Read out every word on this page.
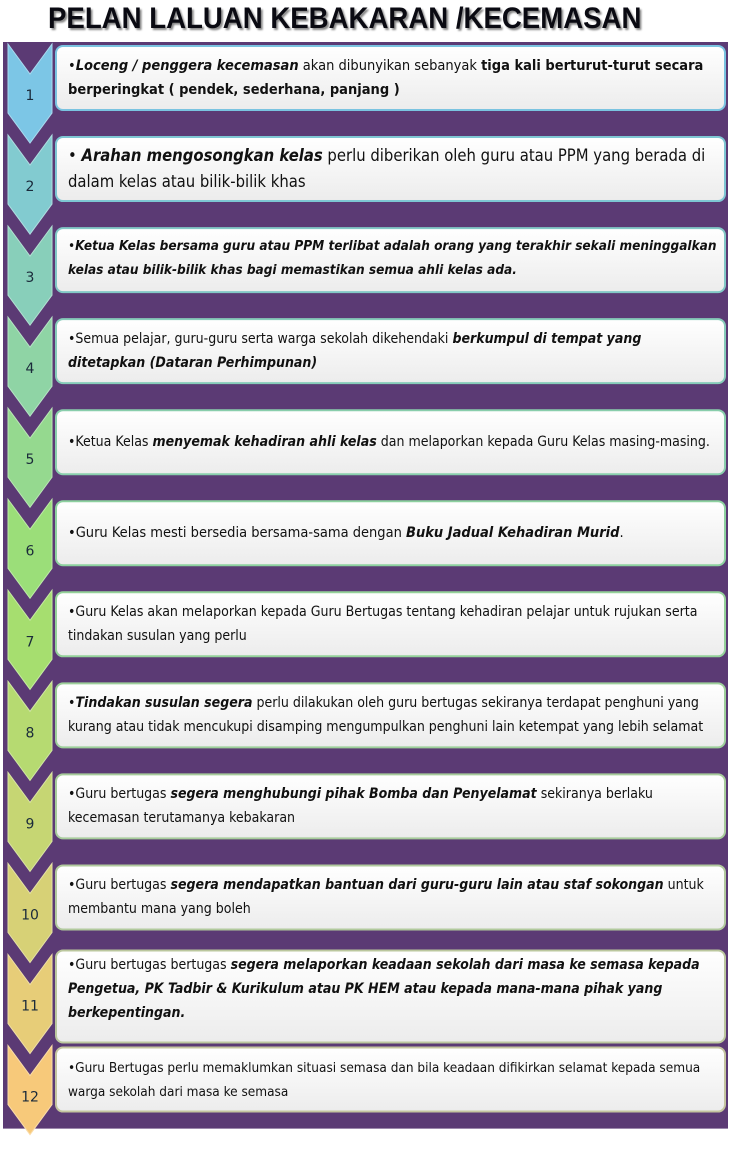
PELAN LALUAN KEBAKARAN /KECEMASAN
1
2
3
4
5
6
7
8
9
10
11
12

•Loceng / penggera kecemasan akan dibunyikan sebanyak tiga kali berturut-turut secara berperingkat ( pendek, sederhana, panjang )

• Arahan mengosongkan kelas perlu diberikan oleh guru atau PPM yang berada di dalam kelas atau bilik-bilik khas

•Ketua Kelas bersama guru atau PPM terlibat adalah orang yang terakhir sekali meninggalkan kelas atau bilik-bilik khas bagi memastikan semua ahli kelas ada.

•Semua pelajar, guru-guru serta warga sekolah dikehendaki berkumpul di tempat yang ditetapkan (Dataran Perhimpunan)

•Ketua Kelas menyemak kehadiran ahli kelas dan melaporkan kepada Guru Kelas masing-masing.

•Guru Kelas mesti bersedia bersama-sama dengan Buku Jadual Kehadiran Murid.

•Guru Kelas akan melaporkan kepada Guru Bertugas tentang kehadiran pelajar untuk rujukan serta tindakan susulan yang perlu

•Tindakan susulan segera perlu dilakukan oleh guru bertugas sekiranya terdapat penghuni yang kurang atau tidak mencukupi disamping mengumpulkan penghuni lain ketempat yang lebih selamat

•Guru bertugas segera menghubungi pihak Bomba dan Penyelamat sekiranya berlaku kecemasan terutamanya kebakaran

•Guru bertugas segera mendapatkan bantuan dari guru-guru lain atau staf sokongan untuk membantu mana yang boleh

•Guru bertugas bertugas segera melaporkan keadaan sekolah dari masa ke semasa kepada Pengetua, PK Tadbir & Kurikulum atau PK HEM atau kepada mana-mana pihak yang berkepentingan.

•Guru Bertugas perlu memaklumkan situasi semasa dan bila keadaan difikirkan selamat kepada semua warga sekolah dari masa ke semasa
